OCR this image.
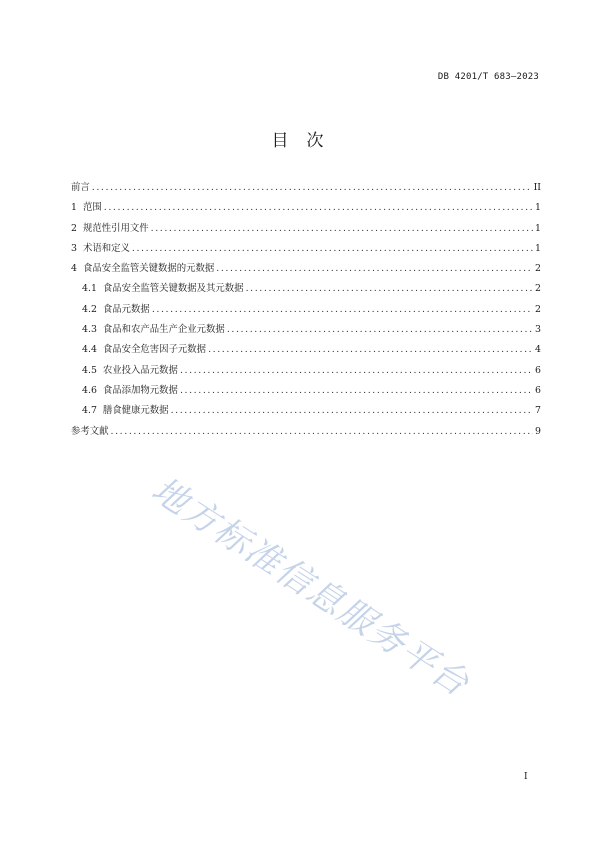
DB 4201/T 683—2023
目次
前言 .....	II
1 范围 .....	1
2 规范性引用文件 .....	1
3 术语和定义 .....	1
4 食品安全监管关键数据的元数据 .....	2
4.1 食品安全监管关键数据及其元数据 .....	2
4.2 食品元数据 .....	2
4.3 食品和农产品生产企业元数据 .....	3
4.4 食品安全危害因子元数据 .....	4
4.5 农业投入品元数据 .....	6
4.6 食品添加物元数据 .....	6
4.7 膳食健康元数据 .....	7
参考文献 .....	9
地方标准信息服务平台
I
